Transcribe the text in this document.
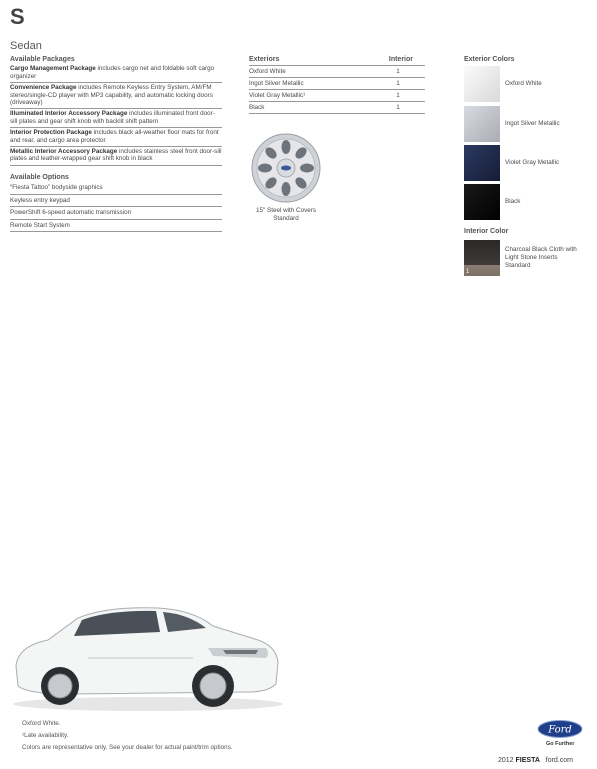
S
Sedan
Available Packages
Cargo Management Package includes cargo net and foldable soft cargo organizer
Convenience Package includes Remote Keyless Entry System, AM/FM stereo/single-CD player with MP3 capability, and automatic locking doors (driveaway)
Illuminated Interior Accessory Package includes illuminated front door-sill plates and gear shift knob with backlit shift pattern
Interior Protection Package includes black all-weather floor mats for front and rear, and cargo area protector
Metallic Interior Accessory Package includes stainless steel front door-sill plates and leather-wrapped gear shift knob in black
Available Options
“Fiesta Tattoo” bodyside graphics
Keyless entry keypad
PowerShift 6-speed automatic transmission
Remote Start System
Exteriors	Interior
Oxford White	1
Ingot Silver Metallic	1
Violet Gray Metallic¹	1
Black	1
15" Steel with Covers
Standard
Exterior Colors
Oxford White
Ingot Silver Metallic
Violet Gray Metallic
Black
Interior Color
1
Charcoal Black Cloth with Light Stone Inserts
Standard
Oxford White.
¹Late availability.
Colors are representative only. See your dealer for actual paint/trim options.
Ford
Go Further
2012 FIESTA ford.com
